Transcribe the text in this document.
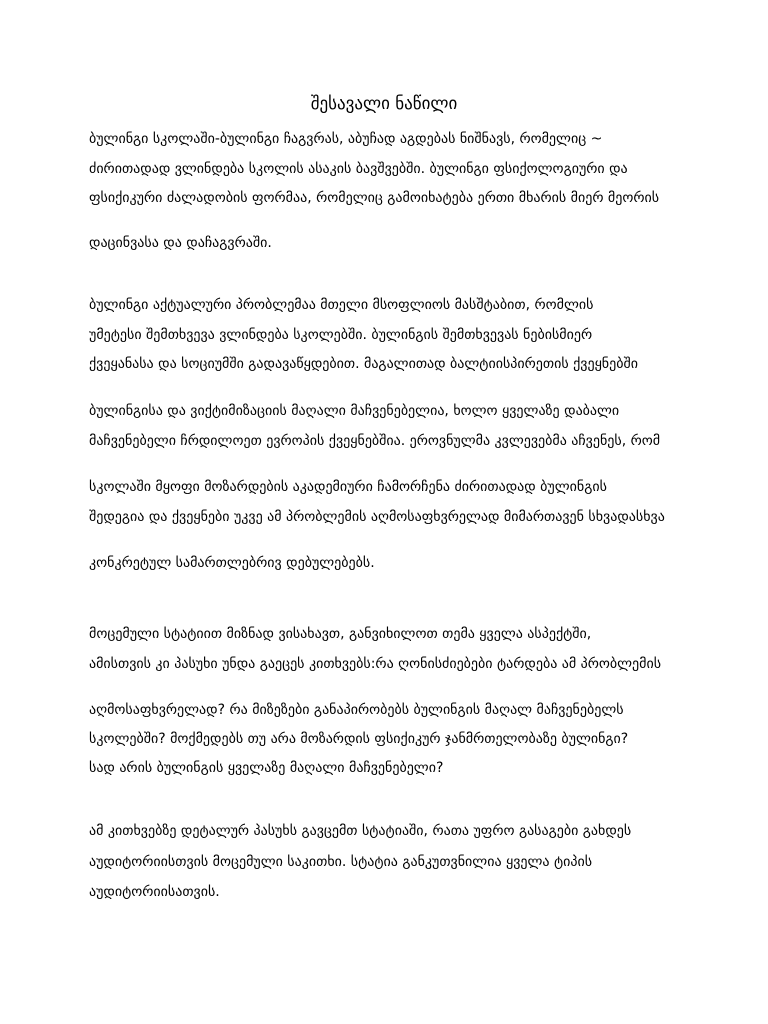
შესავალი ნაწილი
ბულინგი სკოლაში-ბულინგი ჩაგვრას, აბუჩად აგდებას ნიშნავს, რომელიც ~
ძირითადად ვლინდება სკოლის ასაკის ბავშვებში. ბულინგი ფსიქოლოგიური და
ფსიქიკური ძალადობის ფორმაა, რომელიც გამოიხატება ერთი მხარის მიერ მეორის
დაცინვასა და დაჩაგვრაში.
ბულინგი აქტუალური პრობლემაა მთელი მსოფლიოს მასშტაბით, რომლის
უმეტესი შემთხვევა ვლინდება სკოლებში. ბულინგის შემთხვევას ნებისმიერ
ქვეყანასა და სოციუმში გადავაწყდებით. მაგალითად ბალტიისპირეთის ქვეყნებში
ბულინგისა და ვიქტიმიზაციის მაღალი მაჩვენებელია, ხოლო ყველაზე დაბალი
მაჩვენებელი ჩრდილოეთ ევროპის ქვეყნებშია. ეროვნულმა კვლევებმა აჩვენეს, რომ
სკოლაში მყოფი მოზარდების აკადემიური ჩამორჩენა ძირითადად ბულინგის
შედეგია და ქვეყნები უკვე ამ პრობლემის აღმოსაფხვრელად მიმართავენ სხვადასხვა
კონკრეტულ სამართლებრივ დებულებებს.
მოცემული სტატიით მიზნად ვისახავთ, განვიხილოთ თემა ყველა ასპექტში,
ამისთვის კი პასუხი უნდა გაეცეს კითხვებს:რა ღონისძიებები ტარდება ამ პრობლემის
აღმოსაფხვრელად? რა მიზეზები განაპირობებს ბულინგის მაღალ მაჩვენებელს
სკოლებში? მოქმედებს თუ არა მოზარდის ფსიქიკურ ჯანმრთელობაზე ბულინგი?
სად არის ბულინგის ყველაზე მაღალი მაჩვენებელი?
ამ კითხვებზე დეტალურ პასუხს გავცემთ სტატიაში, რათა უფრო გასაგები გახდეს
აუდიტორიისთვის მოცემული საკითხი. სტატია განკუთვნილია ყველა ტიპის
აუდიტორიისათვის.
